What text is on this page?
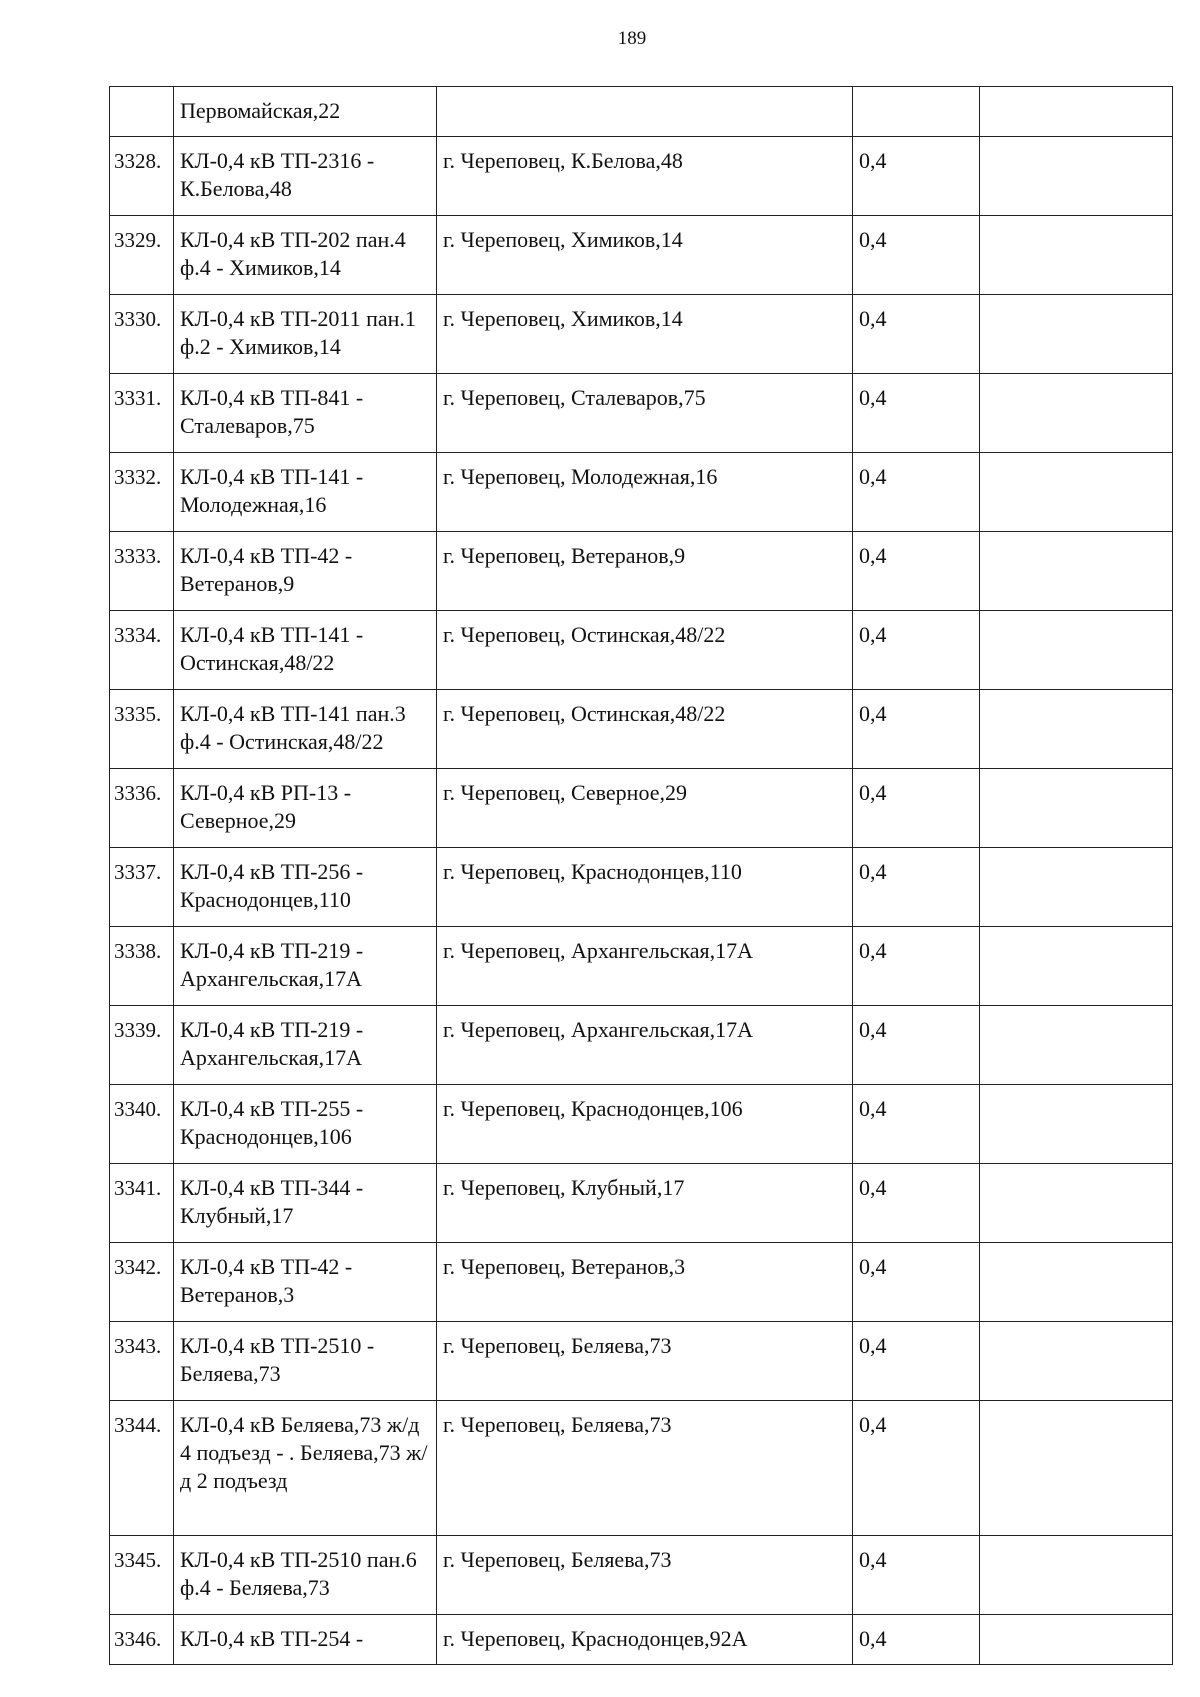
189
	Первомайская,22			
3328.	КЛ-0,4 кВ ТП-2316 - К.Белова,48	г. Череповец, К.Белова,48	0,4	
3329.	КЛ-0,4 кВ ТП-202 пан.4 ф.4 - Химиков,14	г. Череповец, Химиков,14	0,4	
3330.	КЛ-0,4 кВ ТП-2011 пан.1 ф.2 - Химиков,14	г. Череповец, Химиков,14	0,4	
3331.	КЛ-0,4 кВ ТП-841 - Сталеваров,75	г. Череповец, Сталеваров,75	0,4	
3332.	КЛ-0,4 кВ ТП-141 - Молодежная,16	г. Череповец, Молодежная,16	0,4	
3333.	КЛ-0,4 кВ ТП-42 - Ветеранов,9	г. Череповец, Ветеранов,9	0,4	
3334.	КЛ-0,4 кВ ТП-141 - Остинская,48/22	г. Череповец, Остинская,48/22	0,4	
3335.	КЛ-0,4 кВ ТП-141 пан.3 ф.4 - Остинская,48/22	г. Череповец, Остинская,48/22	0,4	
3336.	КЛ-0,4 кВ РП-13 - Северное,29	г. Череповец, Северное,29	0,4	
3337.	КЛ-0,4 кВ ТП-256 - Краснодонцев,110	г. Череповец, Краснодонцев,110	0,4	
3338.	КЛ-0,4 кВ ТП-219 - Архангельская,17А	г. Череповец, Архангельская,17А	0,4	
3339.	КЛ-0,4 кВ ТП-219 - Архангельская,17А	г. Череповец, Архангельская,17А	0,4	
3340.	КЛ-0,4 кВ ТП-255 - Краснодонцев,106	г. Череповец, Краснодонцев,106	0,4	
3341.	КЛ-0,4 кВ ТП-344 - Клубный,17	г. Череповец, Клубный,17	0,4	
3342.	КЛ-0,4 кВ ТП-42 - Ветеранов,3	г. Череповец, Ветеранов,3	0,4	
3343.	КЛ-0,4 кВ ТП-2510 - Беляева,73	г. Череповец, Беляева,73	0,4	
3344.	КЛ-0,4 кВ Беляева,73 ж/д 4 подъезд - . Беляева,73 ж/д 2 подъезд	г. Череповец, Беляева,73	0,4	
3345.	КЛ-0,4 кВ ТП-2510 пан.6 ф.4 - Беляева,73	г. Череповец, Беляева,73	0,4	
3346.	КЛ-0,4 кВ ТП-254 -	г. Череповец, Краснодонцев,92А	0,4	
